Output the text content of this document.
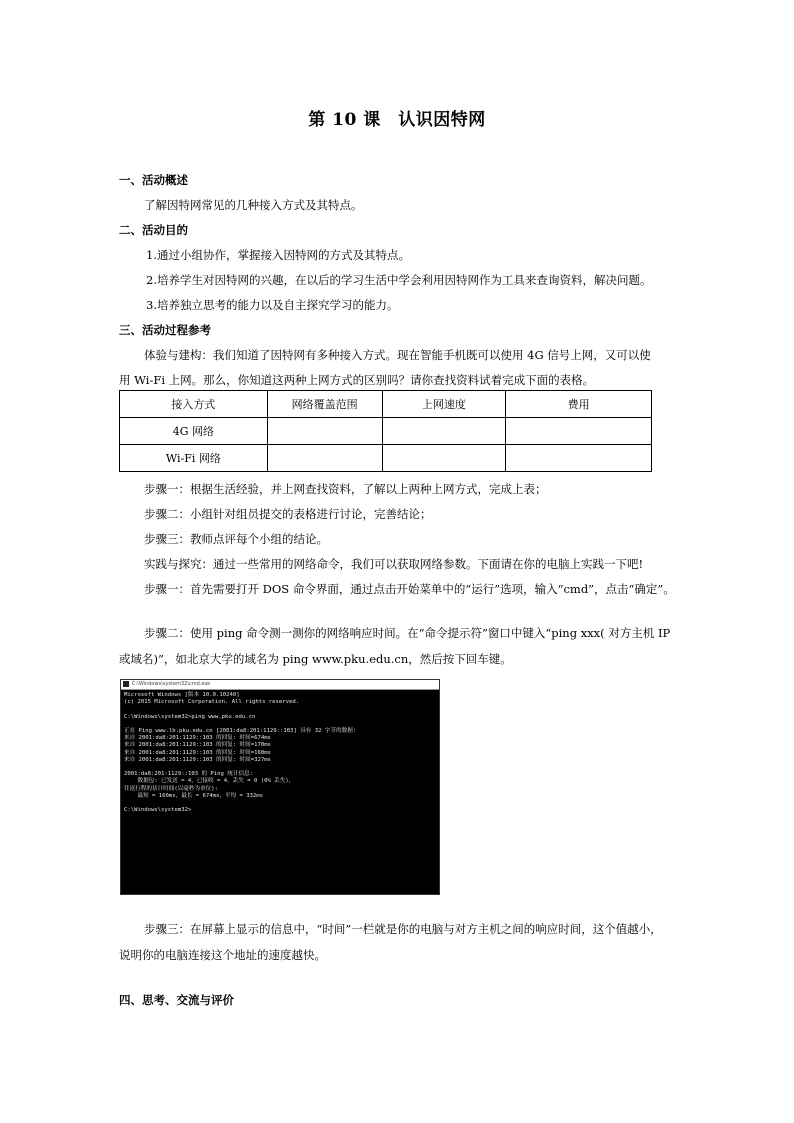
第 10 课　认识因特网
一、活动概述
了解因特网常见的几种接入方式及其特点。
二、活动目的
1.通过小组协作，掌握接入因特网的方式及其特点。
2.培养学生对因特网的兴趣，在以后的学习生活中学会利用因特网作为工具来查询资料，解决问题。
3.培养独立思考的能力以及自主探究学习的能力。
三、活动过程参考
体验与建构：我们知道了因特网有多种接入方式。现在智能手机既可以使用 4G 信号上网，又可以使
用 Wi-Fi 上网。那么，你知道这两种上网方式的区别吗？请你查找资料试着完成下面的表格。
接入方式	网络覆盖范围	上网速度	费用
4G 网络			
Wi-Fi 网络			
步骤一：根据生活经验，并上网查找资料，了解以上两种上网方式，完成上表；
步骤二：小组针对组员提交的表格进行讨论，完善结论；
步骤三：教师点评每个小组的结论。
实践与探究：通过一些常用的网络命令，我们可以获取网络参数。下面请在你的电脑上实践一下吧!
步骤一：首先需要打开 DOS 命令界面，通过点击开始菜单中的“运行”选项，输入“cmd”，点击“确定”。
步骤二：使用 ping 命令测一测你的网络响应时间。在“命令提示符”窗口中键入“ping xxx( 对方主机 IP
或域名)”，如北京大学的域名为 ping www.pku.edu.cn，然后按下回车键。
C:\Windows\system32\cmd.exe
Microsoft Windows [版本 10.0.10240]
(c) 2015 Microsoft Corporation. All rights reserved.
C:\Windows\system32>ping www.pku.edu.cn
正在 Ping www.lb.pku.edu.cn [2001:da8:201:1129::103] 具有 32 字节的数据:
来自 2001:da8:201:1129::103 的回复: 时间=674ms
来自 2001:da8:201:1129::103 的回复: 时间=170ms
来自 2001:da8:201:1129::103 的回复: 时间=160ms
来自 2001:da8:201:1129::103 的回复: 时间=327ms
2001:da8:201:1129::103 的 Ping 统计信息:
数据包: 已发送 = 4，已接收 = 4，丢失 = 0 (0% 丢失)，
往返行程的估计时间(以毫秒为单位):
最短 = 160ms，最长 = 674ms，平均 = 332ms
C:\Windows\system32>
步骤三：在屏幕上显示的信息中，“时间”一栏就是你的电脑与对方主机之间的响应时间，这个值越小，
说明你的电脑连接这个地址的速度越快。
四、思考、交流与评价
